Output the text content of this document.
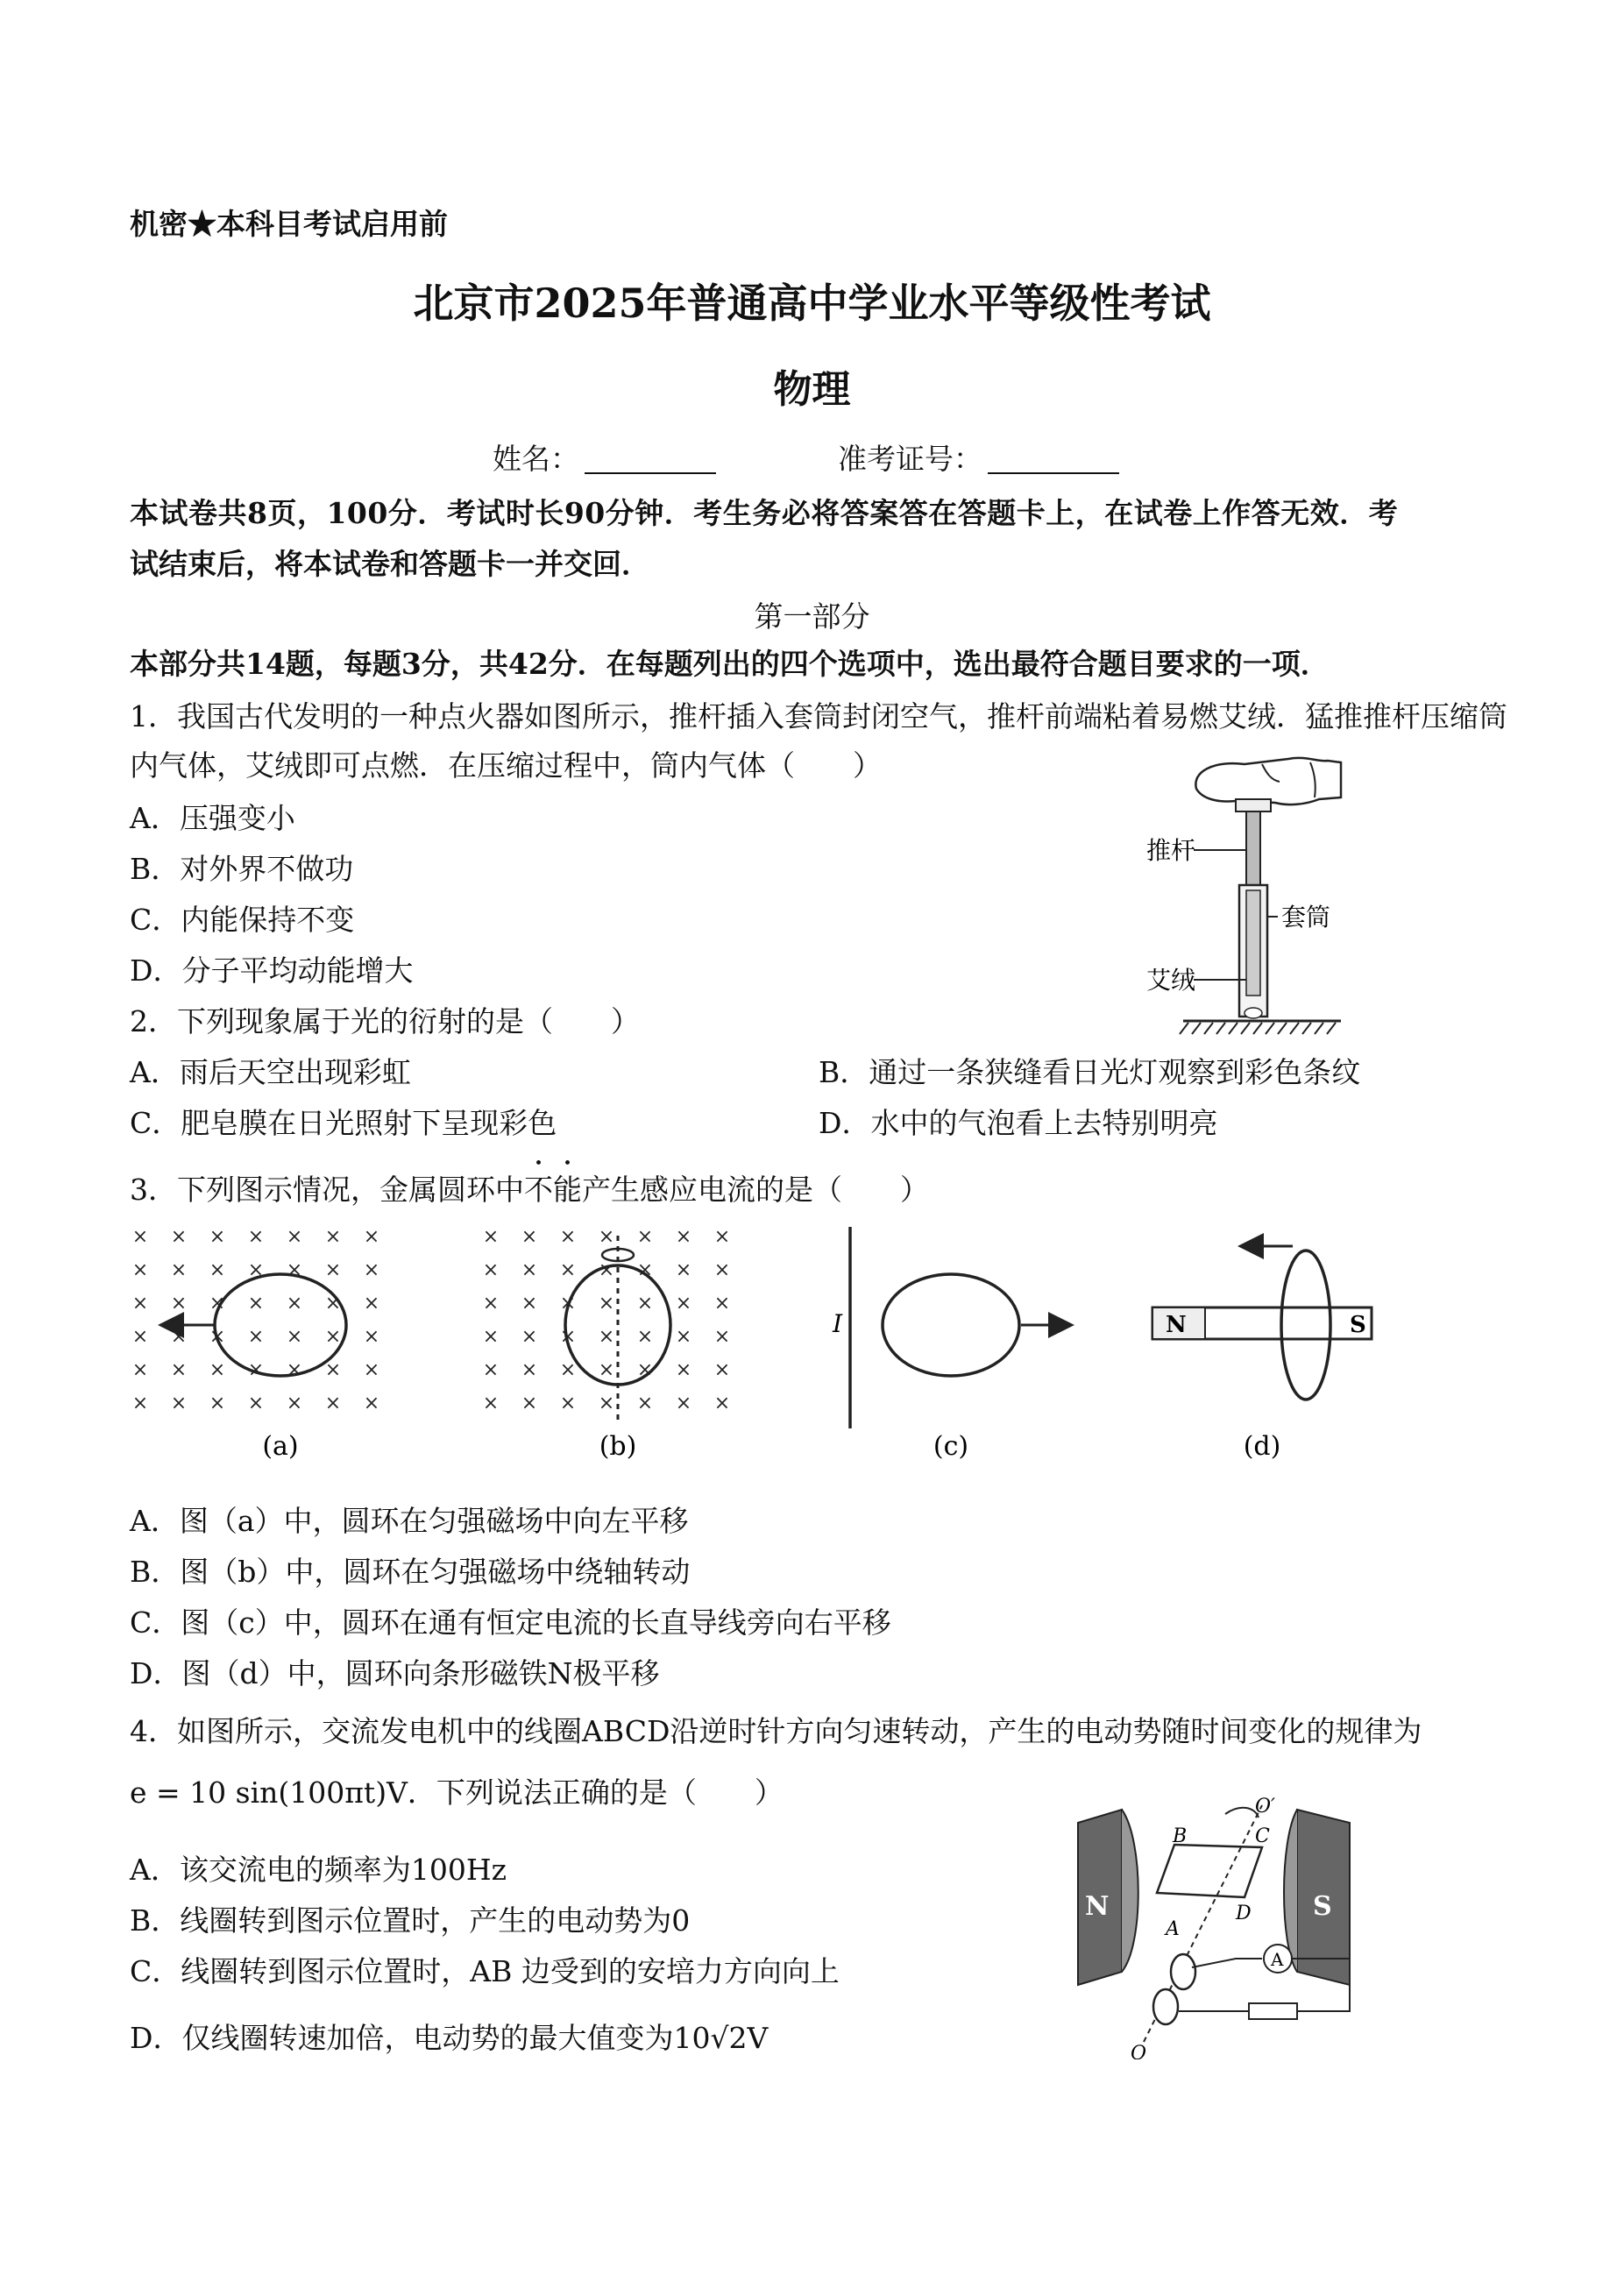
机密★本科目考试启用前
北京市2025年普通高中学业水平等级性考试
物理
姓名：	准考证号：
本试卷共8页，100分．考试时长90分钟．考生务必将答案答在答题卡上，在试卷上作答无效．考
试结束后，将本试卷和答题卡一并交回．
第一部分
本部分共14题，每题3分，共42分．在每题列出的四个选项中，选出最符合题目要求的一项．
1．我国古代发明的一种点火器如图所示，推杆插入套筒封闭空气，推杆前端粘着易燃艾绒．猛推推杆压缩筒
内气体，艾绒即可点燃．在压缩过程中，筒内气体（　　）
A．压强变小
B．对外界不做功
C．内能保持不变
D．分子平均动能增大
推杆
套筒
艾绒
2．下列现象属于光的衍射的是（　　）
A．雨后天空出现彩虹	B．通过一条狭缝看日光灯观察到彩色条纹
C．肥皂膜在日光照射下呈现彩色	D．水中的气泡看上去特别明亮
3．下列图示情况，金属圆环中不能产生感应电流的是（　　）
× × × × × × ×
× × × × × × ×
× × × × × × ×
× × × × × × ×
× × × × × × ×
× × × × × × ×
(a)
× × × × × × ×
× × × × × × ×
× × × × × × ×
× × × × × × ×
× × × × × × ×
× × × × × × ×
(b)
I
(c)
N	S
(d)
A．图（a）中，圆环在匀强磁场中向左平移
B．图（b）中，圆环在匀强磁场中绕轴转动
C．图（c）中，圆环在通有恒定电流的长直导线旁向右平移
D．图（d）中，圆环向条形磁铁N极平移
4．如图所示，交流发电机中的线圈ABCD沿逆时针方向匀速转动，产生的电动势随时间变化的规律为
e = 10 sin(100πt)V．下列说法正确的是（　　）
A．该交流电的频率为100Hz
B．线圈转到图示位置时，产生的电动势为0
C．线圈转到图示位置时，AB 边受到的安培力方向向上
D．仅线圈转速加倍，电动势的最大值变为10√2V
N	S
A
B	C
D
O′
O
A
